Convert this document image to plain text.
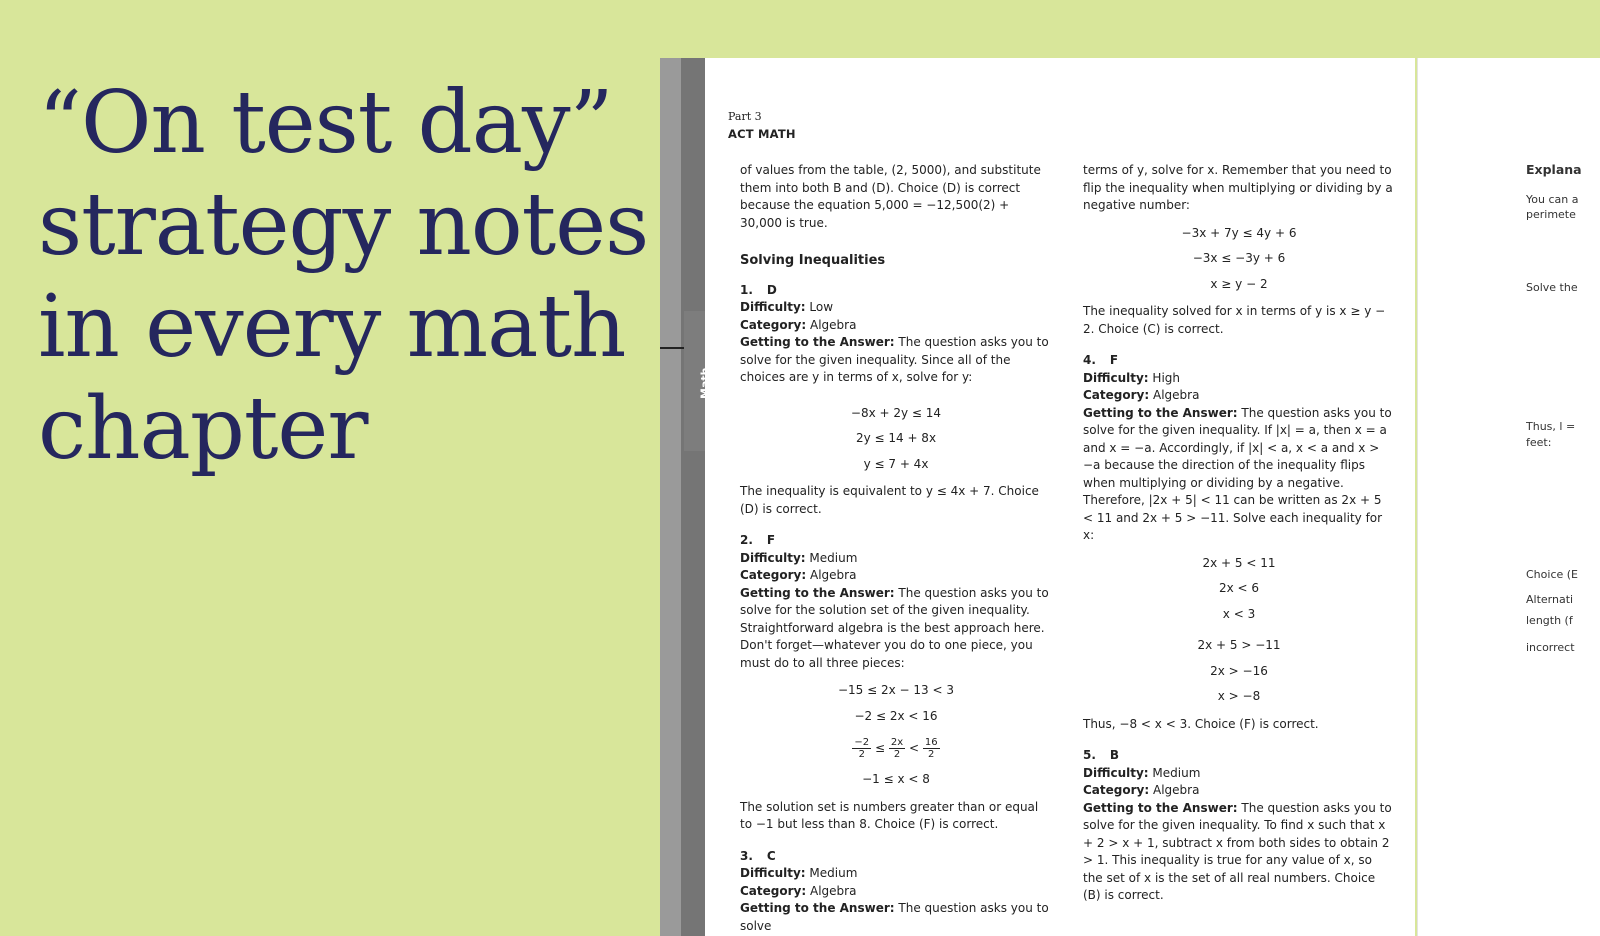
“On test day”
strategy notes
in every math
chapter
Part 3
ACT MATH

of values from the table, (2, 5000), and substitute them into both B and (D). Choice (D) is correct because the equation 5,000 = −12,500(2) + 30,000 is true.

Solving Inequalities

1. D

Difficulty: Low

Category: Algebra

Getting to the Answer: The question asks you to solve for the given inequality. Since all of the choices are y in terms of x, solve for y:

−8x + 2y ≤ 14
2y ≤ 14 + 8x
y ≤ 7 + 4x

The inequality is equivalent to y ≤ 4x + 7. Choice (D) is correct.

2. F

Difficulty: Medium

Category: Algebra

Getting to the Answer: The question asks you to solve for the solution set of the given inequality. Straightforward algebra is the best approach here. Don't forget—whatever you do to one piece, you must do to all three pieces:

−15 ≤ 2x − 13 < 3
−2 ≤ 2x < 16
$\frac{-2}{2} \le \frac{2x}{2} < \frac{16}{2}$
−1 ≤ x < 8

The solution set is numbers greater than or equal to −1 but less than 8. Choice (F) is correct.

3. C

Difficulty: Medium

Category: Algebra

Getting to the Answer: The question asks you to solve

terms of y, solve for x. Remember that you need to flip the inequality when multiplying or dividing by a negative number:

−3x + 7y ≤ 4y + 6
−3x ≤ −3y + 6
x ≥ y − 2

The inequality solved for x in terms of y is x ≥ y − 2. Choice (C) is correct.

4. F

Difficulty: High

Category: Algebra

Getting to the Answer: The question asks you to solve for the given inequality. If |x| = a, then x = a and x = −a. Accordingly, if |x| < a, x < a and x > −a because the direction of the inequality flips when multiplying or dividing by a negative. Therefore, |2x + 5| < 11 can be written as 2x + 5 < 11 and 2x + 5 > −11. Solve each inequality for x:

2x + 5 < 11
2x < 6
x < 3
2x + 5 > −11
2x > −16
x > −8

Thus, −8 < x < 3. Choice (F) is correct.

5. B

Difficulty: Medium

Category: Algebra

Getting to the Answer: The question asks you to solve for the given inequality. To find x such that x + 2 > x + 1, subtract x from both sides to obtain 2 > 1. This inequality is true for any value of x, so the set of x is the set of all real numbers. Choice (B) is correct.

Explana
You can a
perimete
Solve the
Thus, l =
feet:
Choice (E
Alternati
length (f
incorrect
